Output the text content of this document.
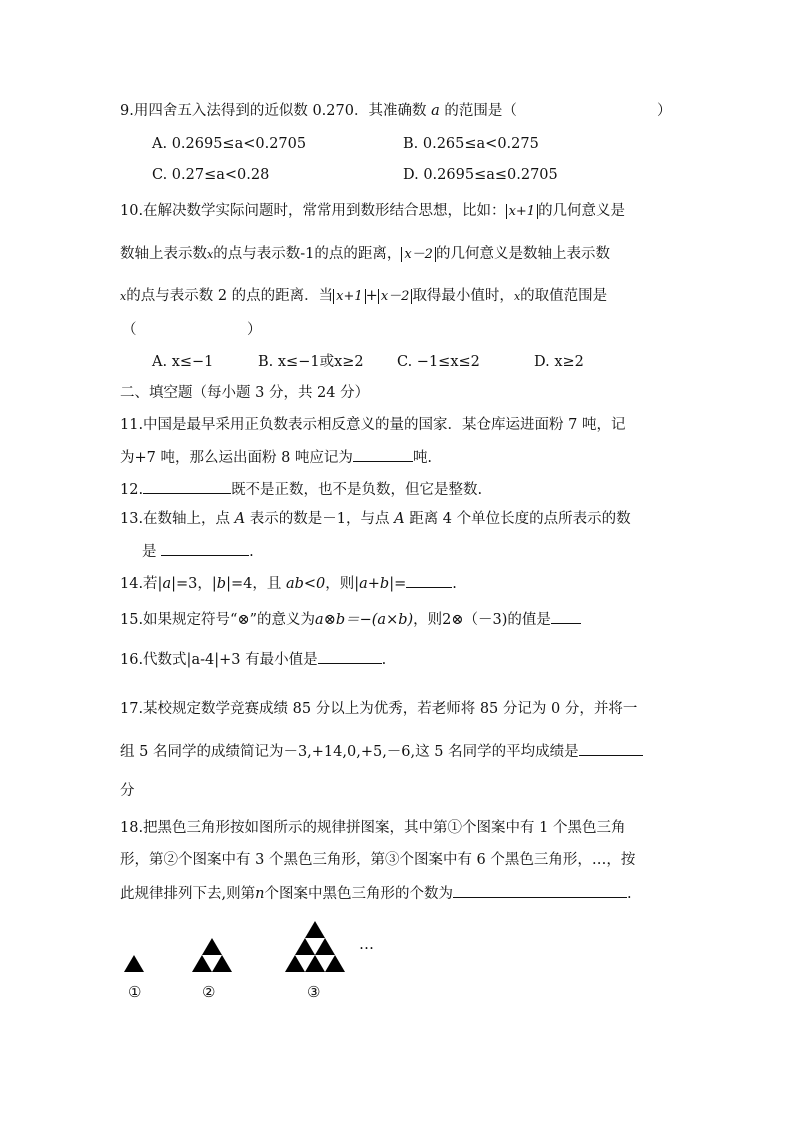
9.用四舍五入法得到的近似数 0.270．其准确数 a 的范围是（	）
A. 0.2695≤a<0.2705	B. 0.265≤a<0.275
C. 0.27≤a<0.28	D. 0.2695≤a≤0.2705
10.在解决数学实际问题时，常常用到数形结合思想，比如： x+1 的几何意义是
数轴上表示数x的点与表示数-1的点的距离， x－2 的几何意义是数轴上表示数
x的点与表示数 2 的点的距离．当 x+1 + x－2 取得最小值时，x的取值范围是
（	）
A. x≤−1	B. x≤−1或x≥2 C. −1≤x≤2	D. x≥2
二、填空题（每小题 3 分，共 24 分）
11.中国是最早采用正负数表示相反意义的量的国家．某仓库运进面粉 7 吨，记
为+7 吨，那么运出面粉 8 吨应记为	吨.
12.	既不是正数，也不是负数，但它是整数.
13.在数轴上，点 A 表示的数是－1，与点 A 距离 4 个单位长度的点所表示的数
是	.
14.若|a|=3，|b|=4，且 ab<0，则|a+b|=	.
15.如果规定符号“⊗”的意义为a⊗b＝−(a×b)，则2⊗（－3)的值是
16.代数式|a-4|+3 有最小值是	.
17.某校规定数学竞赛成绩 85 分以上为优秀，若老师将 85 分记为 0 分，并将一
组 5 名同学的成绩简记为－3,+14,0,+5,－6,这 5 名同学的平均成绩是
分
18.把黑色三角形按如图所示的规律拼图案，其中第①个图案中有 1 个黑色三角
形，第②个图案中有 3 个黑色三角形，第③个图案中有 6 个黑色三角形，…，按
此规律排列下去,则第n个图案中黑色三角形的个数为	.
①	②	③
…
